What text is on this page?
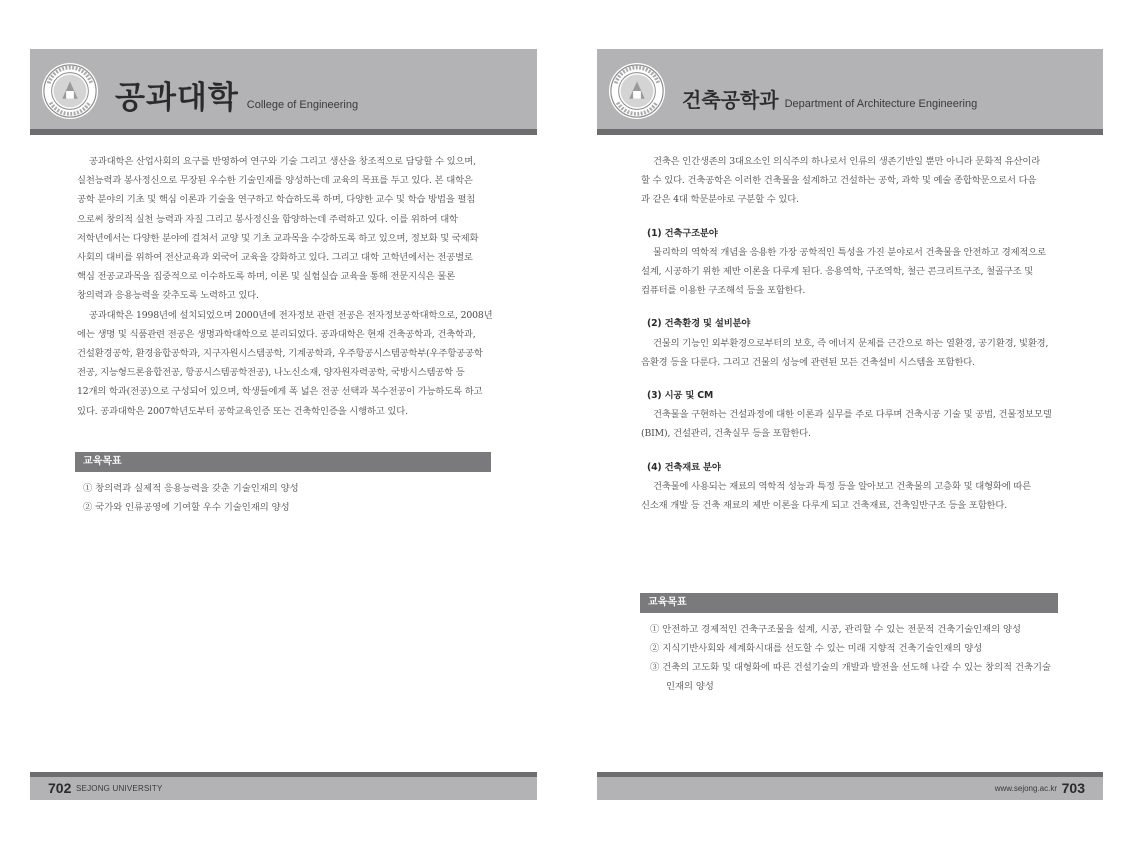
공과대학 College of Engineering

공과대학은 산업사회의 요구를 반영하여 연구와 기술 그리고 생산을 창조적으로 담당할 수 있으며,

실천능력과 봉사정신으로 무장된 우수한 기술인재를 양성하는데 교육의 목표를 두고 있다. 본 대학은
공학 분야의 기초 및 핵심 이론과 기술을 연구하고 학습하도록 하며, 다양한 교수 및 학습 방법을 펼침
으로써 창의적 실천 능력과 자질 그리고 봉사정신을 함양하는데 주력하고 있다. 이를 위하여 대학
저학년에서는 다양한 분야에 걸쳐서 교양 및 기초 교과목을 수강하도록 하고 있으며, 정보화 및 국제화
사회의 대비를 위하여 전산교육과 외국어 교육을 강화하고 있다. 그리고 대학 고학년에서는 전공별로
핵심 전공교과목을 집중적으로 이수하도록 하며, 이론 및 실험실습 교육을 통해 전문지식은 물론
창의력과 응용능력을 갖추도록 노력하고 있다.

공과대학은 1998년에 설치되었으며 2000년에 전자정보 관련 전공은 전자정보공학대학으로, 2008년

에는 생명 및 식품관련 전공은 생명과학대학으로 분리되었다. 공과대학은 현재 건축공학과, 건축학과,
건설환경공학, 환경융합공학과, 지구자원시스템공학, 기계공학과, 우주항공시스템공학부(우주항공공학
전공, 지능형드론융합전공, 항공시스템공학전공), 나노신소재, 양자원자력공학, 국방시스템공학 등
12개의 학과(전공)으로 구성되어 있으며, 학생들에게 폭 넓은 전공 선택과 복수전공이 가능하도록 하고
있다. 공과대학은 2007학년도부터 공학교육인증 또는 건축학인증을 시행하고 있다.
교육목표
① 창의력과 실제적 응용능력을 갖춘 기술인재의 양성
② 국가와 인류공영에 기여할 우수 기술인재의 양성
702 SEJONG UNIVERSITY
건축공학과 Department of Architecture Engineering

건축은 인간생존의 3대요소인 의식주의 하나로서 인류의 생존기반일 뿐만 아니라 문화적 유산이라

할 수 있다. 건축공학은 이러한 건축물을 설계하고 건설하는 공학, 과학 및 예술 종합학문으로서 다음
과 같은 4대 학문분야로 구분할 수 있다.
(1) 건축구조분야

물리학의 역학적 개념을 응용한 가장 공학적인 특성을 가진 분야로서 건축물을 안전하고 경제적으로

설계, 시공하기 위한 제반 이론을 다루게 된다. 응용역학, 구조역학, 철근 콘크리트구조, 철골구조 및
컴퓨터를 이용한 구조해석 등을 포함한다.
(2) 건축환경 및 설비분야

건물의 기능인 외부환경으로부터의 보호, 즉 에너지 문제를 근간으로 하는 열환경, 공기환경, 빛환경,

음환경 등을 다룬다. 그리고 건물의 성능에 관련된 모든 건축설비 시스템을 포함한다.
(3) 시공 및 CM

건축물을 구현하는 건설과정에 대한 이론과 실무를 주로 다루며 건축시공 기술 및 공법, 건물정보모델

(BIM), 건설관리, 건축실무 등을 포함한다.
(4) 건축재료 분야

건축물에 사용되는 재료의 역학적 성능과 특정 등을 알아보고 건축물의 고층화 및 대형화에 따른

신소재 개발 등 건축 재료의 제반 이론을 다루게 되고 건축재료, 건축일반구조 등을 포함한다.
교육목표
① 안전하고 경제적인 건축구조물을 설계, 시공, 관리할 수 있는 전문적 건축기술인재의 양성
② 지식기반사회와 세계화시대를 선도할 수 있는 미래 지향적 건축기술인재의 양성
③ 건축의 고도화 및 대형화에 따른 건설기술의 개발과 발전을 선도해 나갈 수 있는 창의적 건축기술
인재의 양성
www.sejong.ac.kr 703
